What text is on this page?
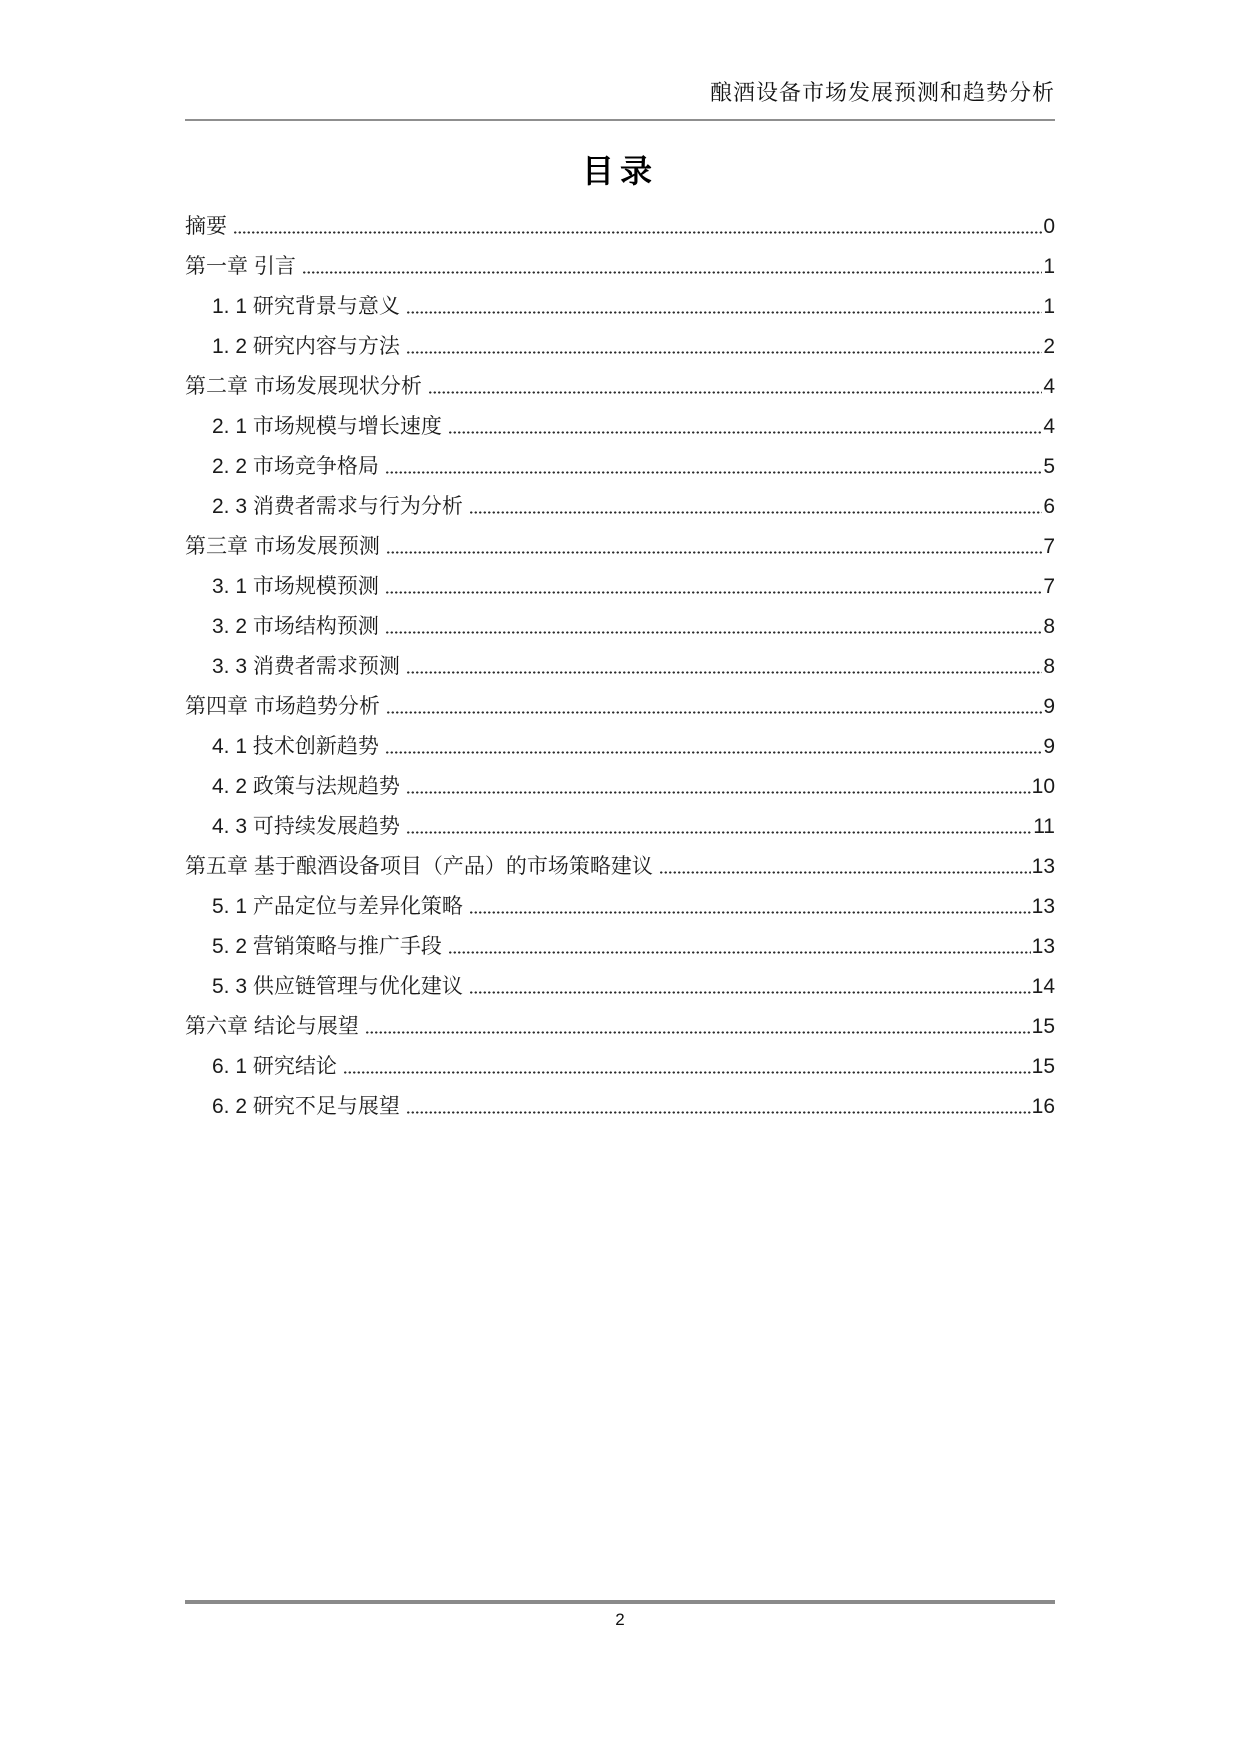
酿酒设备市场发展预测和趋势分析
目录
摘要	0
第一章 引言	1
1. 1 研究背景与意义	1
1. 2 研究内容与方法	2
第二章 市场发展现状分析	4
2. 1 市场规模与增长速度	4
2. 2 市场竞争格局	5
2. 3 消费者需求与行为分析	6
第三章 市场发展预测	7
3. 1 市场规模预测	7
3. 2 市场结构预测	8
3. 3 消费者需求预测	8
第四章 市场趋势分析	9
4. 1 技术创新趋势	9
4. 2 政策与法规趋势	10
4. 3 可持续发展趋势	11
第五章 基于酿酒设备项目（产品）的市场策略建议	13
5. 1 产品定位与差异化策略	13
5. 2 营销策略与推广手段	13
5. 3 供应链管理与优化建议	14
第六章 结论与展望	15
6. 1 研究结论	15
6. 2 研究不足与展望	16
2
